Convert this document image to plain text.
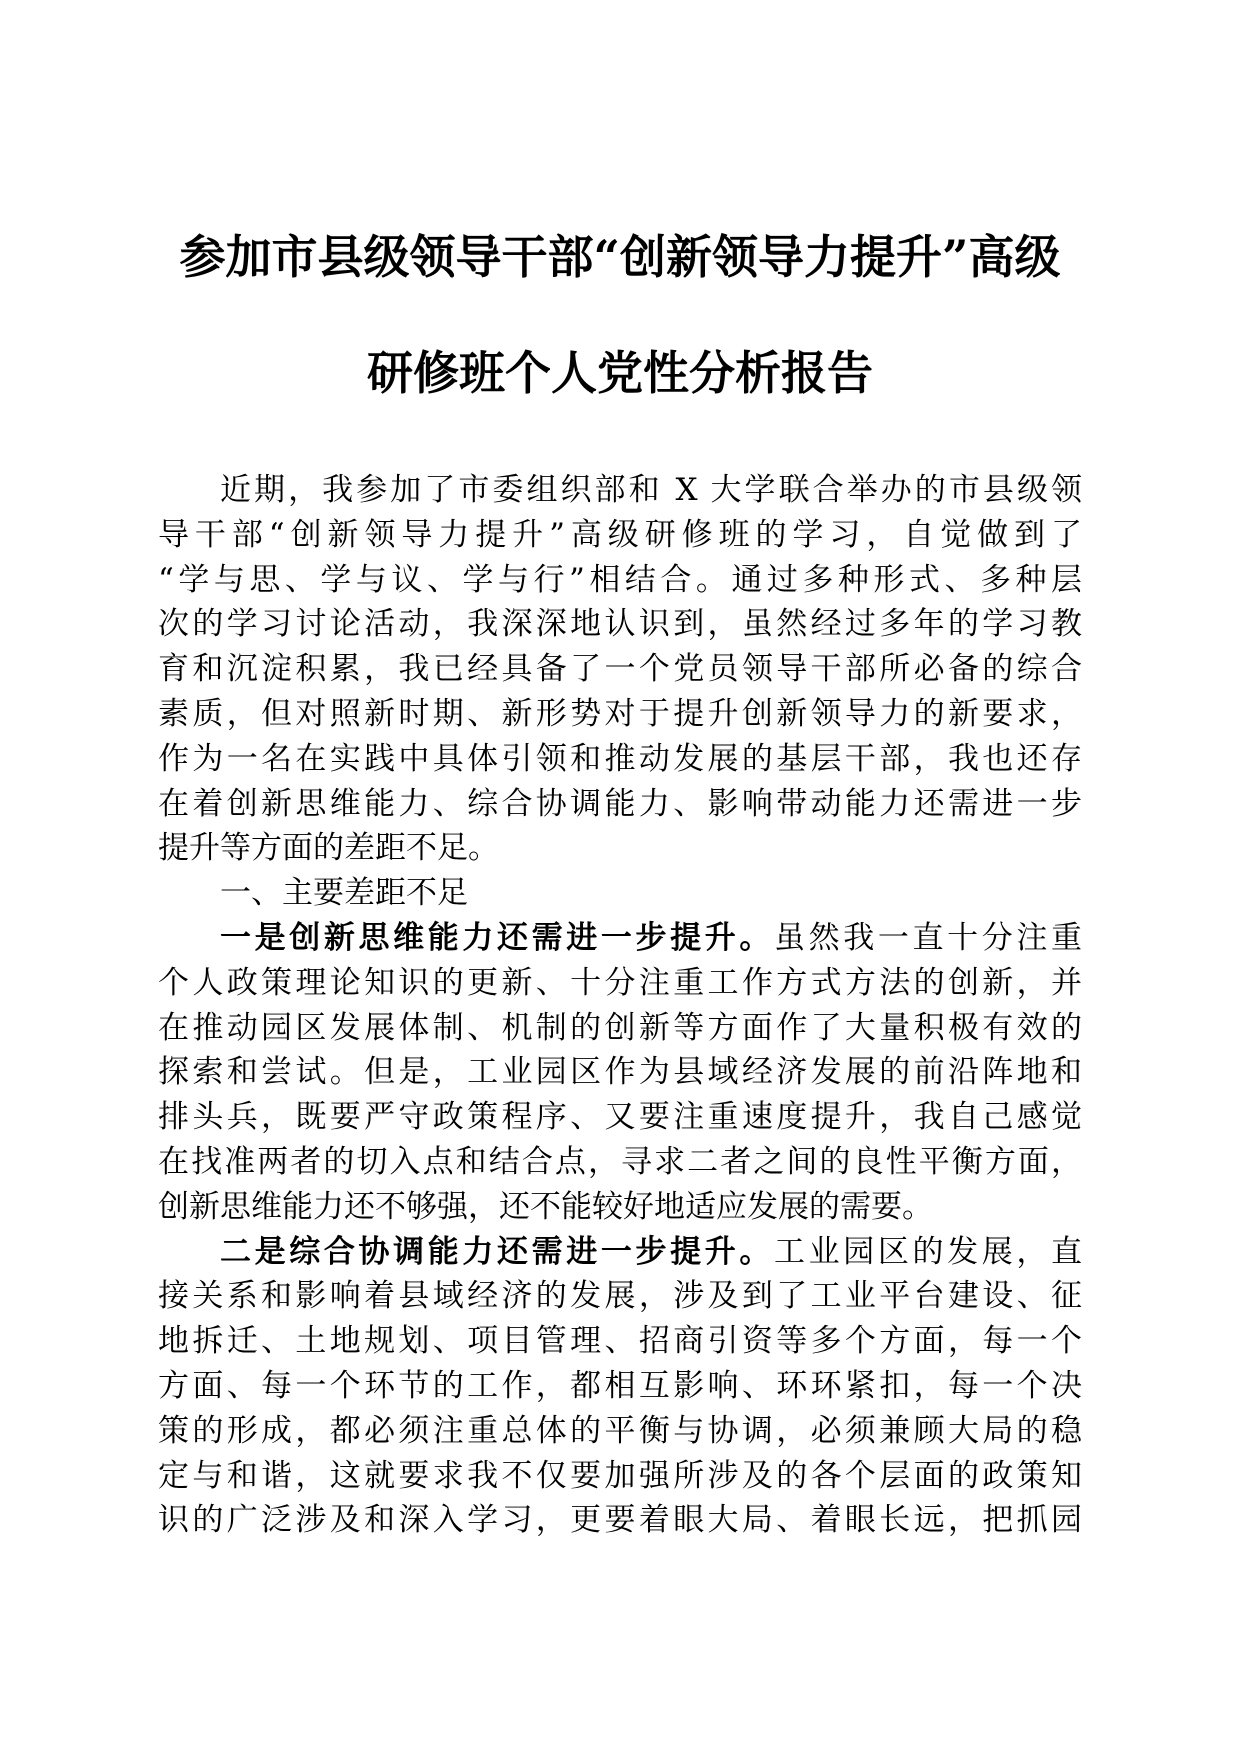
参加市县级领导干部“创新领导力提升”高级
研修班个人党性分析报告
近期，我参加了市委组织部和 X 大学联合举办的市县级领
导干部“创新领导力提升”高级研修班的学习，自觉做到了
“学与思、学与议、学与行”相结合。通过多种形式、多种层
次的学习讨论活动，我深深地认识到，虽然经过多年的学习教
育和沉淀积累，我已经具备了一个党员领导干部所必备的综合
素质，但对照新时期、新形势对于提升创新领导力的新要求，
作为一名在实践中具体引领和推动发展的基层干部，我也还存
在着创新思维能力、综合协调能力、影响带动能力还需进一步
提升等方面的差距不足。
一、主要差距不足
一是创新思维能力还需进一步提升。虽然我一直十分注重
个人政策理论知识的更新、十分注重工作方式方法的创新，并
在推动园区发展体制、机制的创新等方面作了大量积极有效的
探索和尝试。但是，工业园区作为县域经济发展的前沿阵地和
排头兵，既要严守政策程序、又要注重速度提升，我自己感觉
在找准两者的切入点和结合点，寻求二者之间的良性平衡方面，
创新思维能力还不够强，还不能较好地适应发展的需要。
二是综合协调能力还需进一步提升。工业园区的发展，直
接关系和影响着县域经济的发展，涉及到了工业平台建设、征
地拆迁、土地规划、项目管理、招商引资等多个方面，每一个
方面、每一个环节的工作，都相互影响、环环紧扣，每一个决
策的形成，都必须注重总体的平衡与协调，必须兼顾大局的稳
定与和谐，这就要求我不仅要加强所涉及的各个层面的政策知
识的广泛涉及和深入学习，更要着眼大局、着眼长远，把抓园
